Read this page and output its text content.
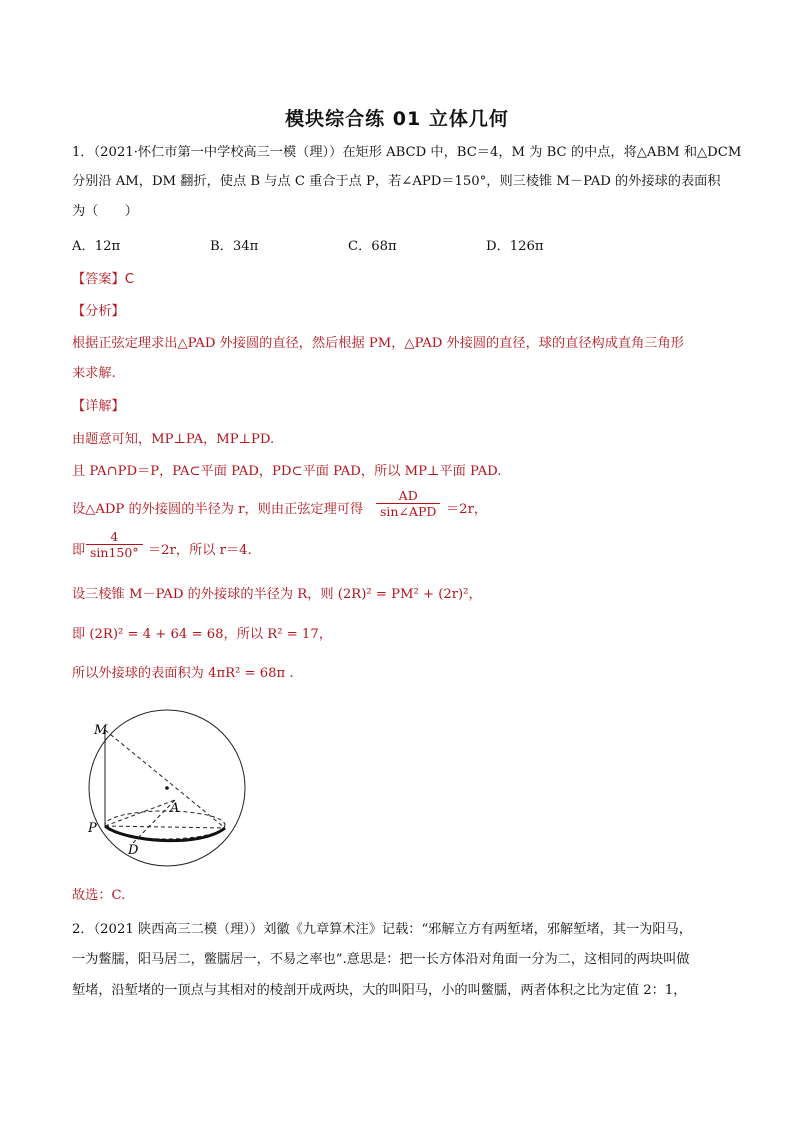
模块综合练 01 立体几何
1．（2021·怀仁市第一中学校高三一模（理））在矩形 ABCD 中，BC＝4，M 为 BC 的中点，将△ABM 和△DCM
分别沿 AM，DM 翻折，使点 B 与点 C 重合于点 P，若∠APD＝150°，则三棱锥 M－PAD 的外接球的表面积
为（　　）
A．12π	B．34π	C．68π	D．126π
【答案】C
【分析】
根据正弦定理求出△PAD 外接圆的直径，然后根据 PM，△PAD 外接圆的直径，球的直径构成直角三角形
来求解.
【详解】
由题意可知，MP⊥PA，MP⊥PD.
且 PA∩PD＝P，PA⊂平面 PAD，PD⊂平面 PAD，所以 MP⊥平面 PAD.
设△ADP 的外接圆的半径为 r，则由正弦定理可得
AD
sin∠APD ＝2r，
即 $\frac{4}{\sin 150^\circ} =2r$，所以 r＝4.
设三棱锥 M－PAD 的外接球的半径为 R，则 (2R)² = PM² + (2r)²，
即 (2R)² = 4 + 64 = 68，所以 R² = 17，
所以外接球的表面积为 4πR² = 68π .
M
A
P
D
故选：C.
2．（2021 陕西高三二模（理））刘徽《九章算术注》记载：“邪解立方有两堑堵，邪解堑堵，其一为阳马，
一为鳖臑，阳马居二，鳖臑居一，不易之率也”.意思是：把一长方体沿对角面一分为二，这相同的两块叫做
堑堵，沿堑堵的一顶点与其相对的棱剖开成两块，大的叫阳马，小的叫鳖臑，两者体积之比为定值 2：1，
